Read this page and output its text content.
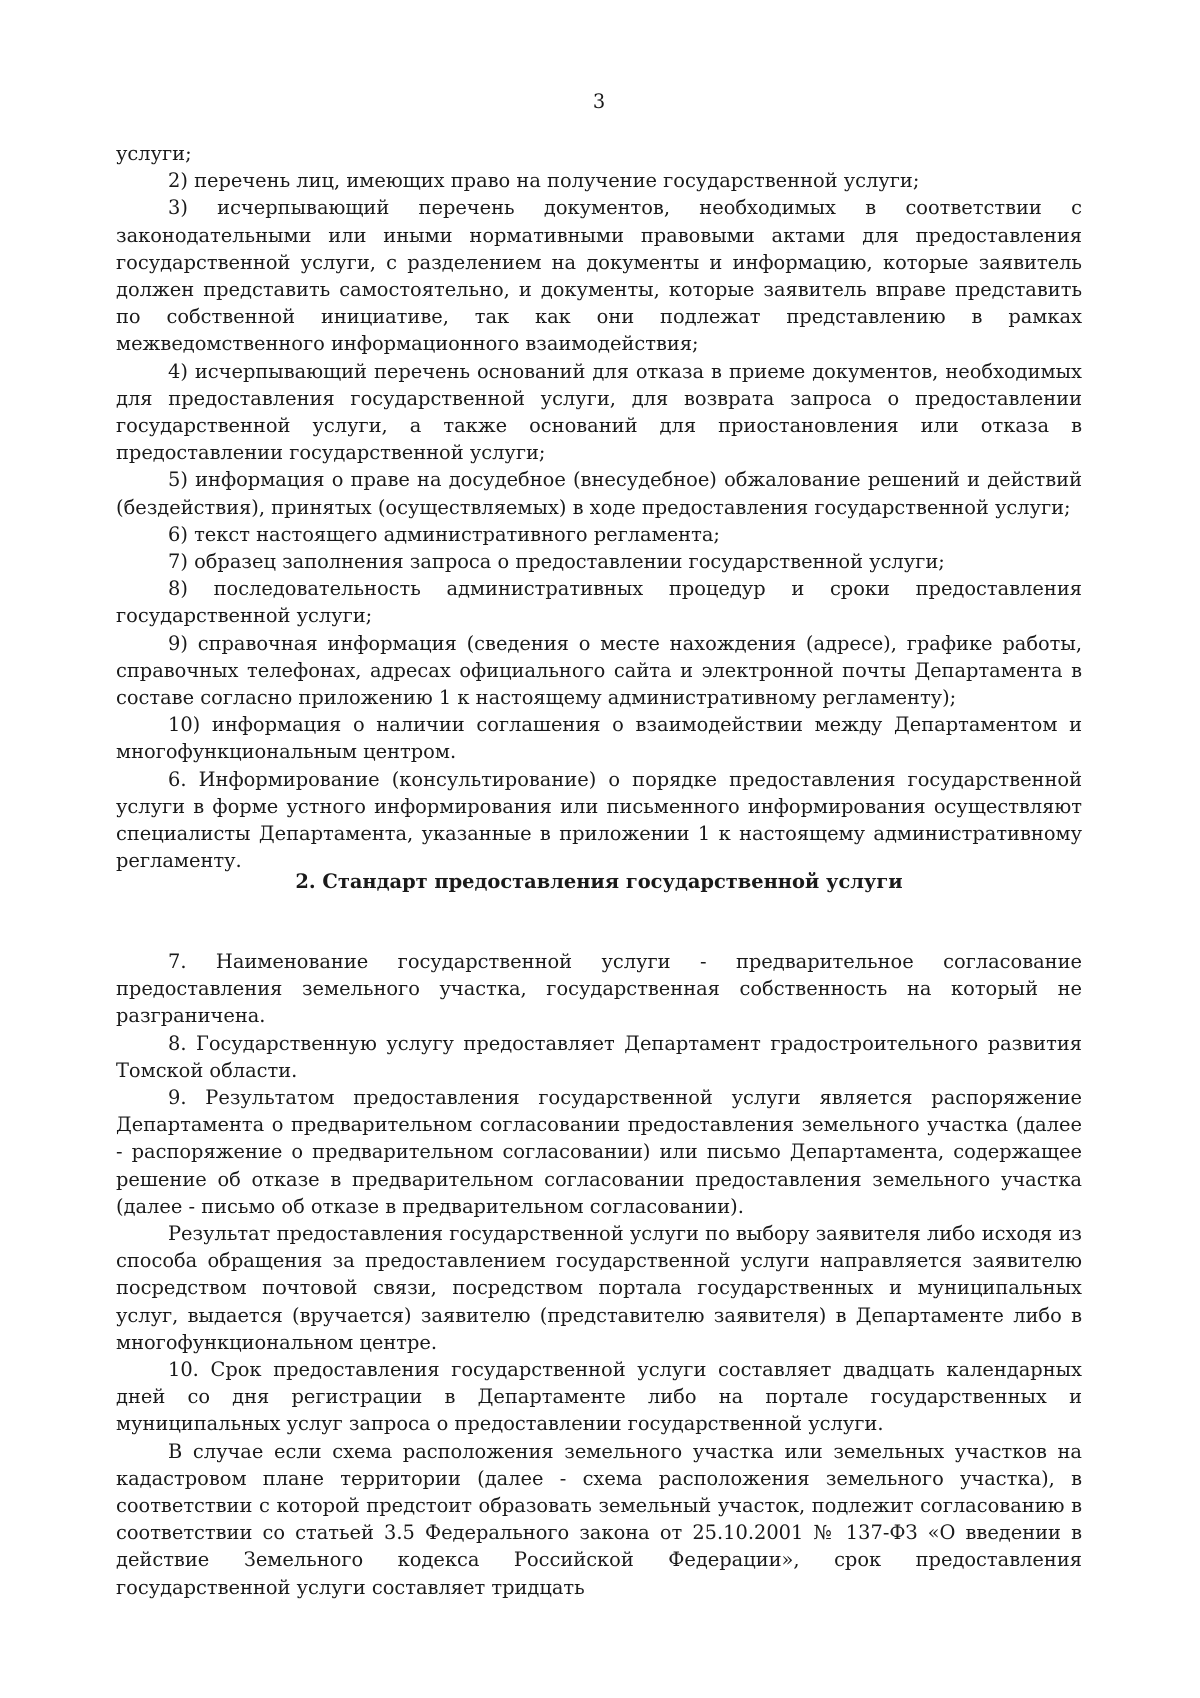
3

услуги;

2) перечень лиц, имеющих право на получение государственной услуги;

3) исчерпывающий перечень документов, необходимых в соответствии с законодательными или иными нормативными правовыми актами для предоставления государственной услуги, с разделением на документы и информацию, которые заявитель должен представить самостоятельно, и документы, которые заявитель вправе представить по собственной инициативе, так как они подлежат представлению в рамках межведомственного информационного взаимодействия;

4) исчерпывающий перечень оснований для отказа в приеме документов, необходимых для предоставления государственной услуги, для возврата запроса о предоставлении государственной услуги, а также оснований для приостановления или отказа в предоставлении государственной услуги;

5) информация о праве на досудебное (внесудебное) обжалование решений и действий (бездействия), принятых (осуществляемых) в ходе предоставления государственной услуги;

6) текст настоящего административного регламента;

7) образец заполнения запроса о предоставлении государственной услуги;

8) последовательность административных процедур и сроки предоставления государственной услуги;

9) справочная информация (сведения о месте нахождения (адресе), графике работы, справочных телефонах, адресах официального сайта и электронной почты Департамента в составе согласно приложению 1 к настоящему административному регламенту);

10) информация о наличии соглашения о взаимодействии между Департаментом и многофункциональным центром.

6. Информирование (консультирование) о порядке предоставления государственной услуги в форме устного информирования или письменного информирования осуществляют специалисты Департамента, указанные в приложении 1 к настоящему административному регламенту.

2. Стандарт предоставления государственной услуги

7. Наименование государственной услуги - предварительное согласование предоставления земельного участка, государственная собственность на который не разграничена.

8. Государственную услугу предоставляет Департамент градостроительного развития Томской области.

9. Результатом предоставления государственной услуги является распоряжение Департамента о предварительном согласовании предоставления земельного участка (далее - распоряжение о предварительном согласовании) или письмо Департамента, содержащее решение об отказе в предварительном согласовании предоставления земельного участка (далее - письмо об отказе в предварительном согласовании).

Результат предоставления государственной услуги по выбору заявителя либо исходя из способа обращения за предоставлением государственной услуги направляется заявителю посредством почтовой связи, посредством портала государственных и муниципальных услуг, выдается (вручается) заявителю (представителю заявителя) в Департаменте либо в многофункциональном центре.

10. Срок предоставления государственной услуги составляет двадцать календарных дней со дня регистрации в Департаменте либо на портале государственных и муниципальных услуг запроса о предоставлении государственной услуги.

В случае если схема расположения земельного участка или земельных участков на кадастровом плане территории (далее - схема расположения земельного участка), в соответствии с которой предстоит образовать земельный участок, подлежит согласованию в соответствии со статьей 3.5 Федерального закона от 25.10.2001 № 137-ФЗ «О введении в действие Земельного кодекса Российской Федерации», срок предоставления государственной услуги составляет тридцать
